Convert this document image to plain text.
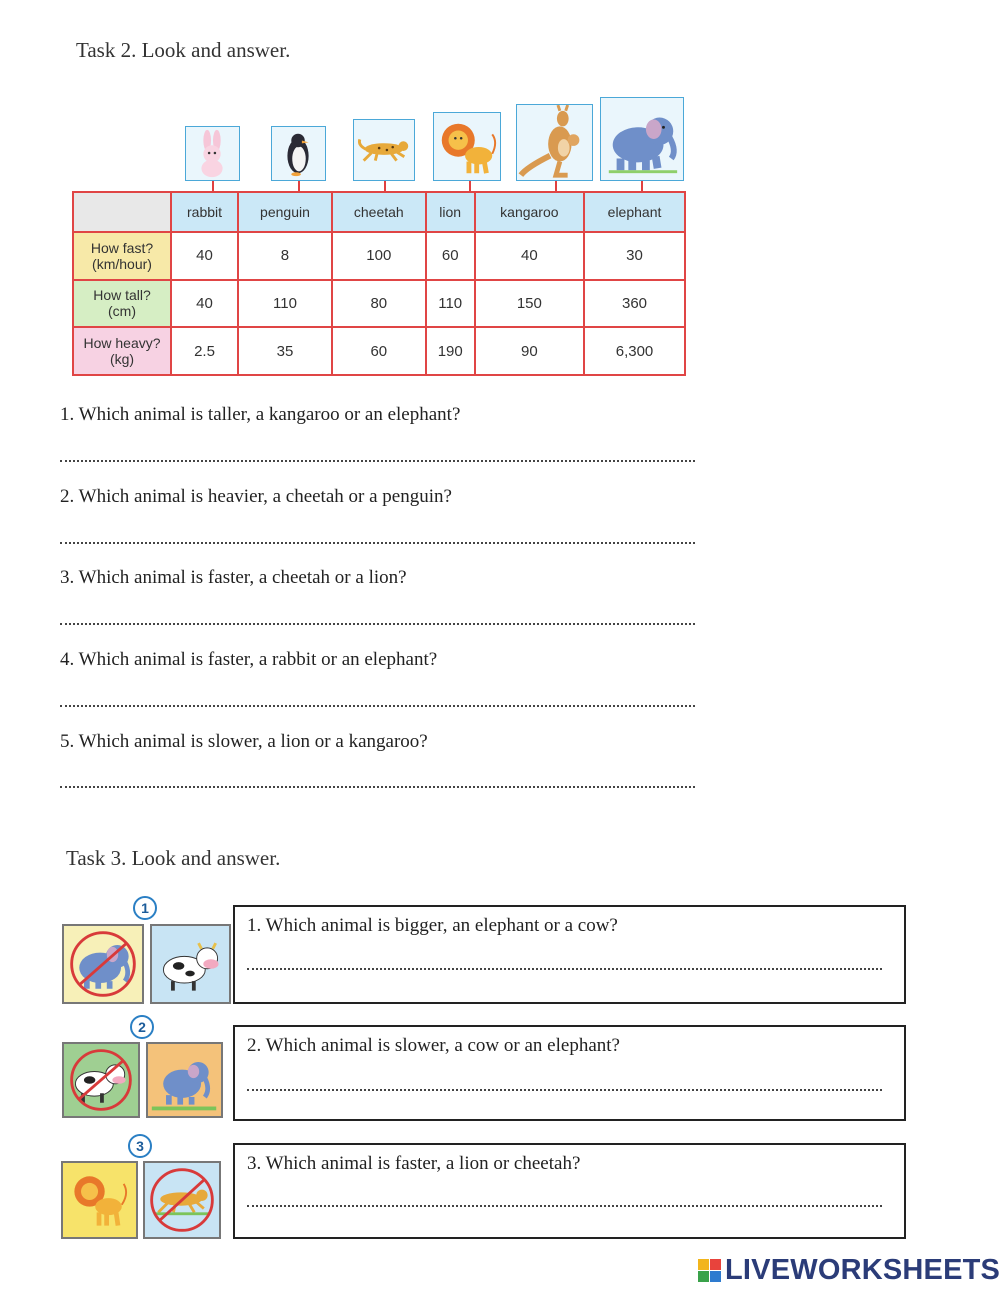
Task 2. Look and answer.
	rabbit	penguin	cheetah	lion	kangaroo	elephant
How fast?
(km/hour)	40	8	100	60	40	30
How tall?
(cm)	40	110	80	110	150	360
How heavy?
(kg)	2.5	35	60	190	90	6,300
1. Which animal is taller, a kangaroo or an elephant?
2. Which animal is heavier, a cheetah or a penguin?
3. Which animal is faster, a cheetah or a lion?
4. Which animal is faster, a rabbit or an elephant?
5. Which animal is slower, a lion or a kangaroo?
Task 3. Look and answer.
1
1. Which animal is bigger, an elephant or a cow?
2
2. Which animal is slower, a cow or an elephant?
3
3. Which animal is faster, a lion or cheetah?
LIVEWORKSHEETS
